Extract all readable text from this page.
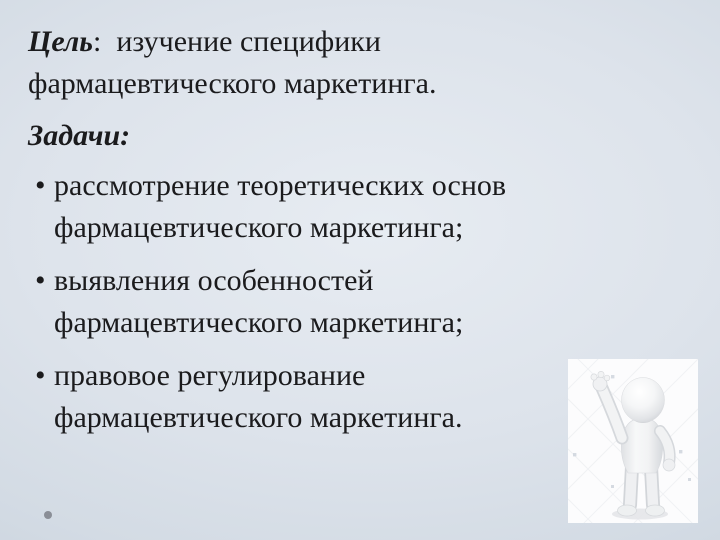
Цель:  изучение специфики
фармацевтического маркетинга.

Задачи:

• рассмотрение теоретических основ
фармацевтического маркетинга;
• выявления особенностей
фармацевтического маркетинга;
• правовое регулирование
фармацевтического маркетинга.
